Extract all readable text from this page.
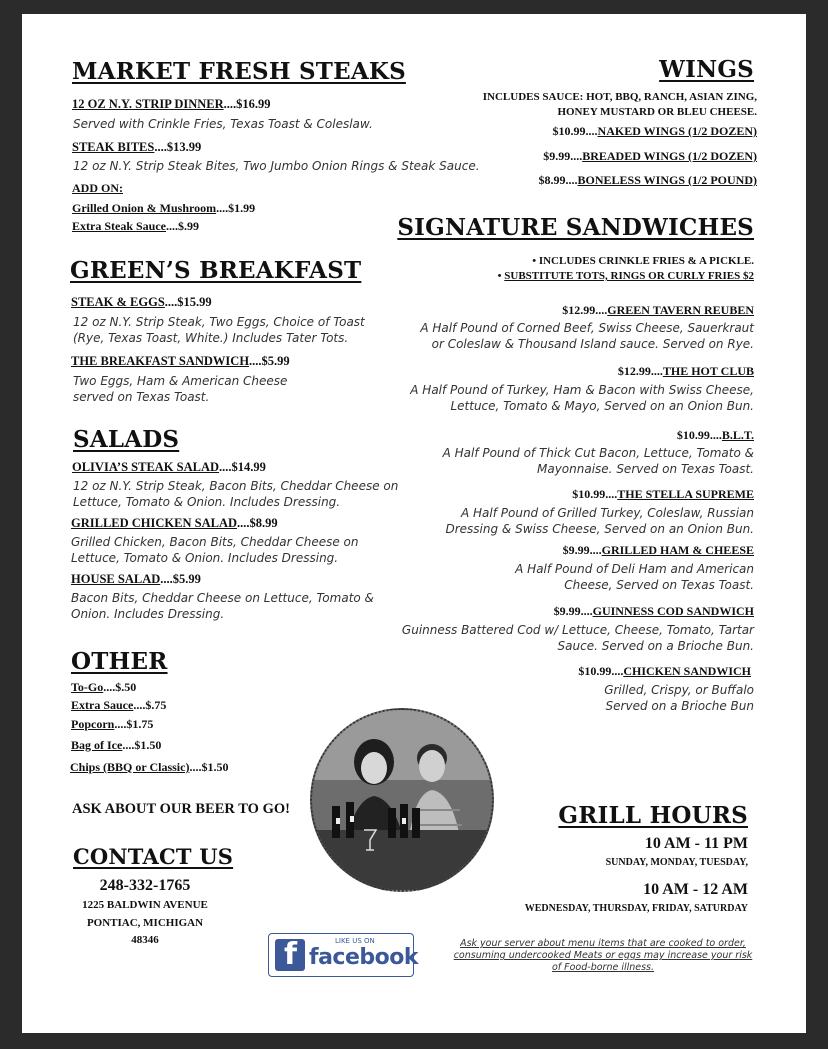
MARKET FRESH STEAKS
12 OZ N.Y. STRIP DINNER....$16.99
Served with Crinkle Fries, Texas Toast & Coleslaw.
STEAK BITES....$13.99
12 oz N.Y. Strip Steak Bites, Two Jumbo Onion Rings & Steak Sauce.
ADD ON:
Grilled Onion & Mushroom....$1.99
Extra Steak Sauce....$.99
GREEN’S BREAKFAST
STEAK & EGGS....$15.99
12 oz N.Y. Strip Steak, Two Eggs, Choice of Toast
(Rye, Texas Toast, White.) Includes Tater Tots.
THE BREAKFAST SANDWICH....$5.99
Two Eggs, Ham & American Cheese
served on Texas Toast.
SALADS
OLIVIA’S STEAK SALAD....$14.99
12 oz N.Y. Strip Steak, Bacon Bits, Cheddar Cheese on
Lettuce, Tomato & Onion. Includes Dressing.
GRILLED CHICKEN SALAD....$8.99
Grilled Chicken, Bacon Bits, Cheddar Cheese on
Lettuce, Tomato & Onion. Includes Dressing.
HOUSE SALAD....$5.99
Bacon Bits, Cheddar Cheese on Lettuce, Tomato &
Onion. Includes Dressing.
OTHER
To-Go....$.50
Extra Sauce....$.75
Popcorn....$1.75
Bag of Ice....$1.50
Chips (BBQ or Classic)....$1.50
ASK ABOUT OUR BEER TO GO!
CONTACT US
248-332-1765
1225 BALDWIN AVENUE
PONTIAC, MICHIGAN
48346	f	LIKE US ON
facebook
WINGS
INCLUDES SAUCE: HOT, BBQ, RANCH, ASIAN ZING,
HONEY MUSTARD OR BLEU CHEESE.
$10.99....NAKED WINGS (1/2 DOZEN)
$9.99....BREADED WINGS (1/2 DOZEN)
$8.99....BONELESS WINGS (1/2 POUND)
SIGNATURE SANDWICHES
• INCLUDES CRINKLE FRIES & A PICKLE.
• SUBSTITUTE TOTS, RINGS OR CURLY FRIES $2
$12.99....GREEN TAVERN REUBEN
A Half Pound of Corned Beef, Swiss Cheese, Sauerkraut
or Coleslaw & Thousand Island sauce. Served on Rye.
$12.99....THE HOT CLUB
A Half Pound of Turkey, Ham & Bacon with Swiss Cheese,
Lettuce, Tomato & Mayo, Served on an Onion Bun.
$10.99....B.L.T.
A Half Pound of Thick Cut Bacon, Lettuce, Tomato &
Mayonnaise. Served on Texas Toast.
$10.99....THE STELLA SUPREME
A Half Pound of Grilled Turkey, Coleslaw, Russian
Dressing & Swiss Cheese, Served on an Onion Bun.
$9.99....GRILLED HAM & CHEESE
A Half Pound of Deli Ham and American
Cheese, Served on Texas Toast.
$9.99....GUINNESS COD SANDWICH
Guinness Battered Cod w/ Lettuce, Cheese, Tomato, Tartar
Sauce. Served on a Brioche Bun.
$10.99....CHICKEN SANDWICH
Grilled, Crispy, or Buffalo
Served on a Brioche Bun
GRILL HOURS
10 AM - 11 PM
SUNDAY, MONDAY, TUESDAY,
10 AM - 12 AM
WEDNESDAY, THURSDAY, FRIDAY, SATURDAY
Ask your server about menu items that are cooked to order,
consuming undercooked Meats or eggs may increase your risk
of Food-borne illness.
